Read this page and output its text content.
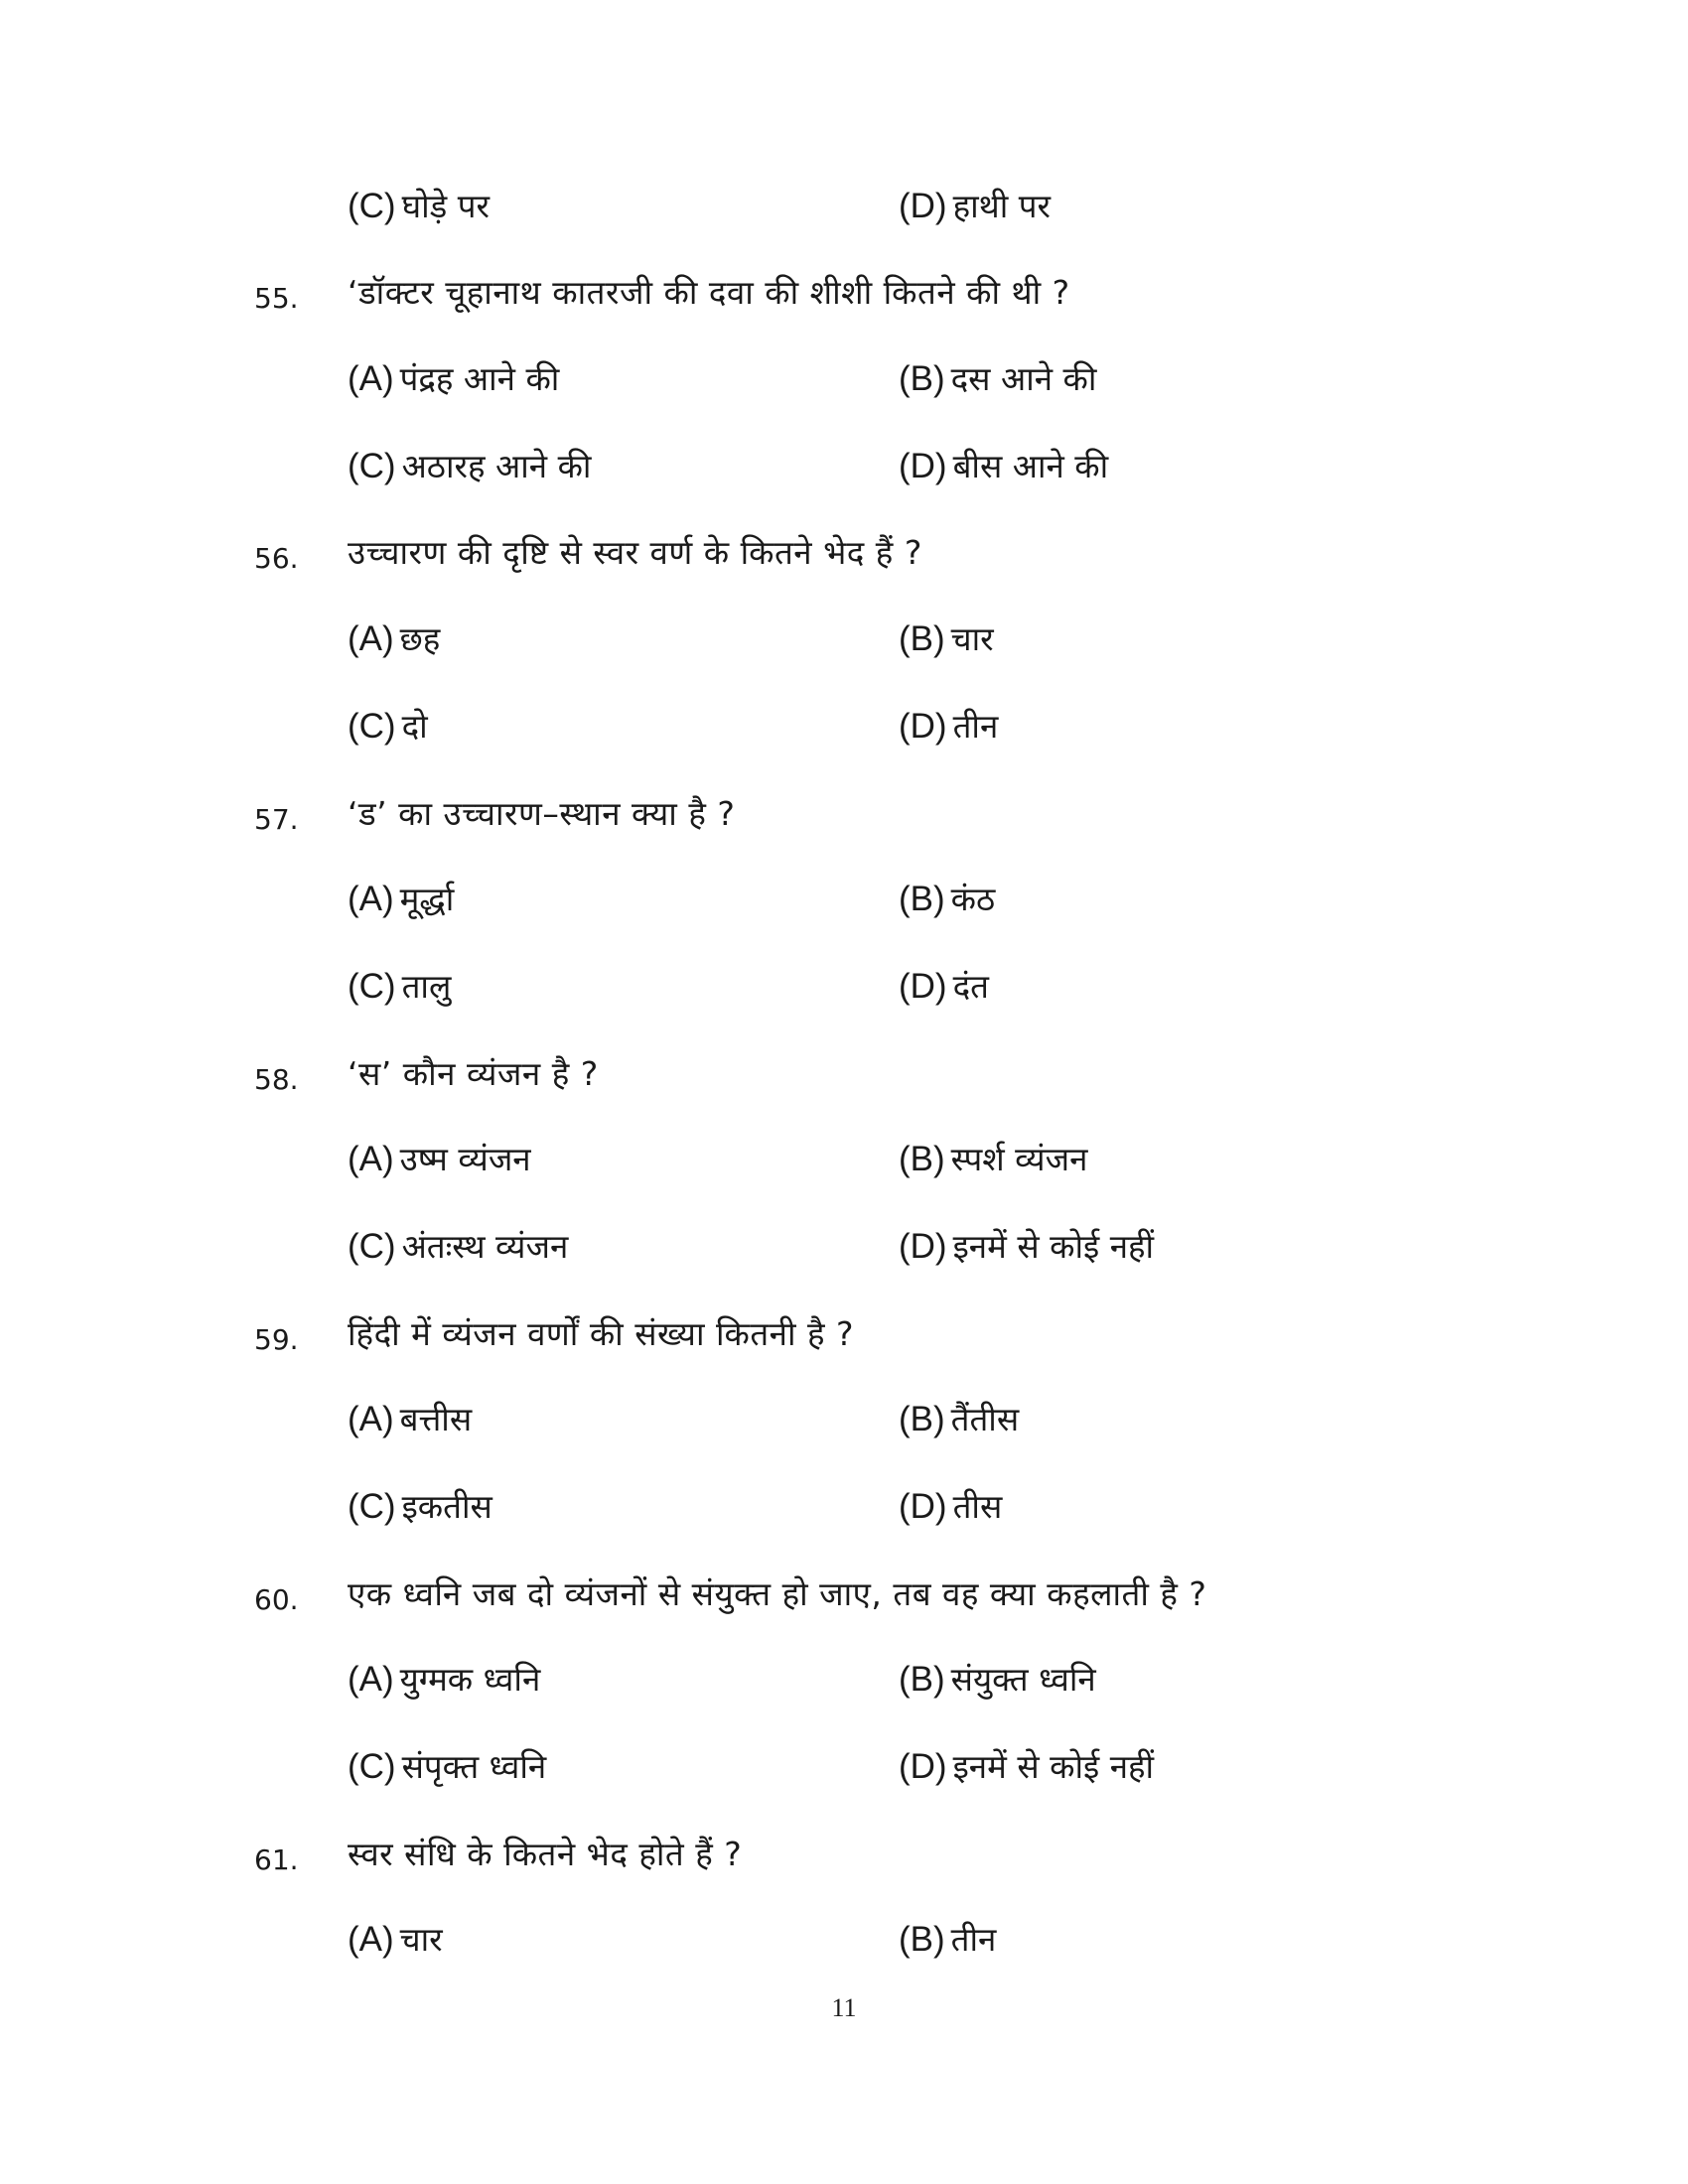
(C) घोड़े पर	(D) हाथी पर
55. ‘डॉक्टर चूहानाथ कातरजी की दवा की शीशी कितने की थी ?
(A) पंद्रह आने की	(B) दस आने की
(C) अठारह आने की	(D) बीस आने की
56. उच्चारण की दृष्टि से स्वर वर्ण के कितने भेद हैं ?
(A) छह	(B) चार
(C) दो	(D) तीन
57. ‘ड’ का उच्चारण–स्थान क्या है ?
(A) मूर्द्धा	(B) कंठ
(C) तालु	(D) दंत
58. ‘स’ कौन व्यंजन है ?
(A) उष्म व्यंजन	(B) स्पर्श व्यंजन
(C) अंतःस्थ व्यंजन	(D) इनमें से कोई नहीं
59. हिंदी में व्यंजन वर्णों की संख्या कितनी है ?
(A) बत्तीस	(B) तैंतीस
(C) इकतीस	(D) तीस
60. एक ध्वनि जब दो व्यंजनों से संयुक्त हो जाए, तब वह क्या कहलाती है ?
(A) युग्मक ध्वनि	(B) संयुक्त ध्वनि
(C) संपृक्त ध्वनि	(D) इनमें से कोई नहीं
61. स्वर संधि के कितने भेद होते हैं ?
(A) चार	(B) तीन
11
